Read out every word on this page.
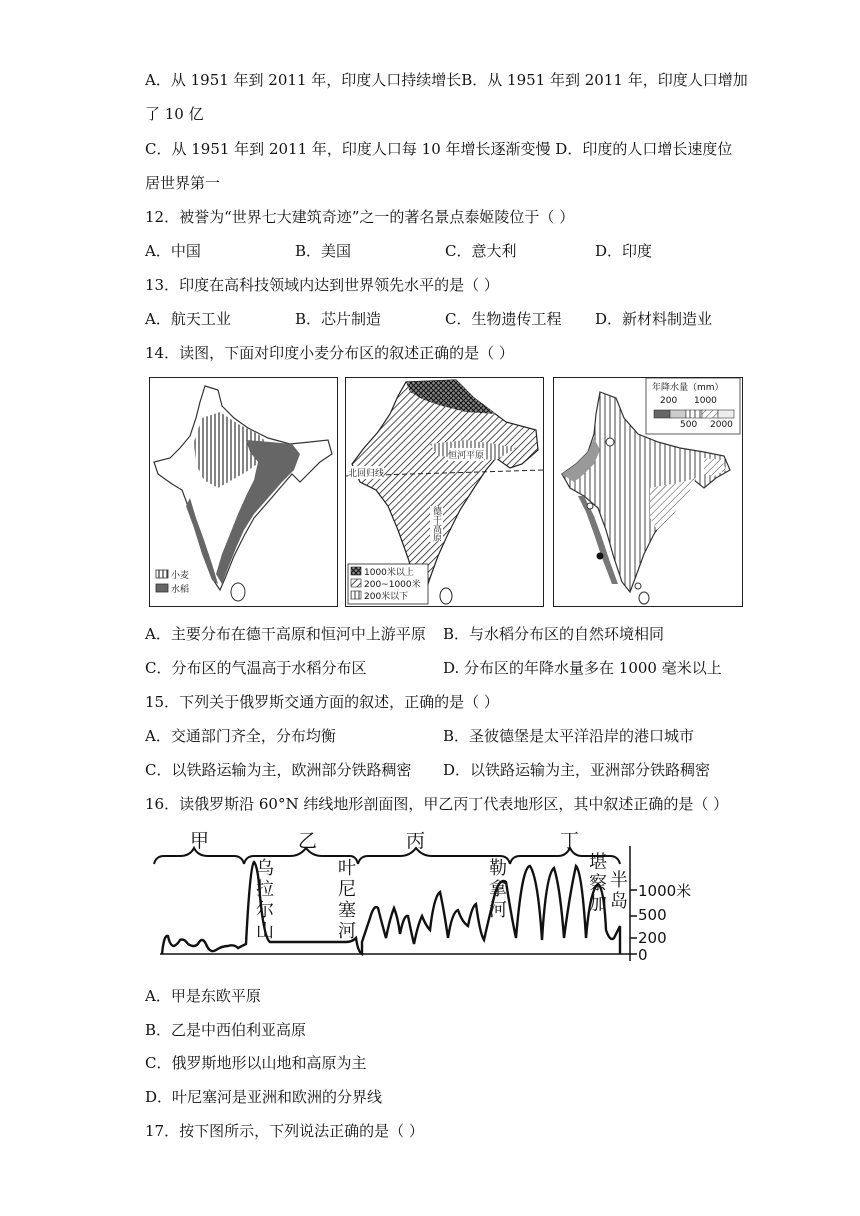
A．从 1951 年到 2011 年，印度人口持续增长B．从 1951 年到 2011 年，印度人口增加
了 10 亿
C．从 1951 年到 2011 年，印度人口每 10 年增长逐渐变慢 D．印度的人口增长速度位
居世界第一
12．被誉为“世界七大建筑奇迹”之一的著名景点泰姬陵位于（ ）
A．中国	B．美国	C．意大利	D．印度
13．印度在高科技领域内达到世界领先水平的是（ ）
A．航天工业	B．芯片制造	C．生物遗传工程 D．新材料制造业
14．读图，下面对印度小麦分布区的叙述正确的是（ ）
小麦
水稻
恒河平原
北回归线
德干高原
1000米以上
200~1000米
200米以下
年降水量（mm）
200 1000
500 2000
A．主要分布在德干高原和恒河中上游平原 B．与水稻分布区的自然环境相同
C．分布区的气温高于水稻分布区	D. 分布区的年降水量多在 1000 毫米以上
15．下列关于俄罗斯交通方面的叙述，正确的是（ ）
A．交通部门齐全，分布均衡	B．圣彼德堡是太平洋沿岸的港口城市
C．以铁路运输为主，欧洲部分铁路稠密 D．以铁路运输为主，亚洲部分铁路稠密
16．读俄罗斯沿 60°N 纬线地形剖面图，甲乙丙丁代表地形区，其中叙述正确的是（ ）
甲	乙	丙	丁
乌拉尔山
叶尼塞河
勒拿河
堪察加
半岛 1000米
500
200
0
A．甲是东欧平原
B．乙是中西伯利亚高原
C．俄罗斯地形以山地和高原为主
D．叶尼塞河是亚洲和欧洲的分界线
17．按下图所示，下列说法正确的是（ ）
